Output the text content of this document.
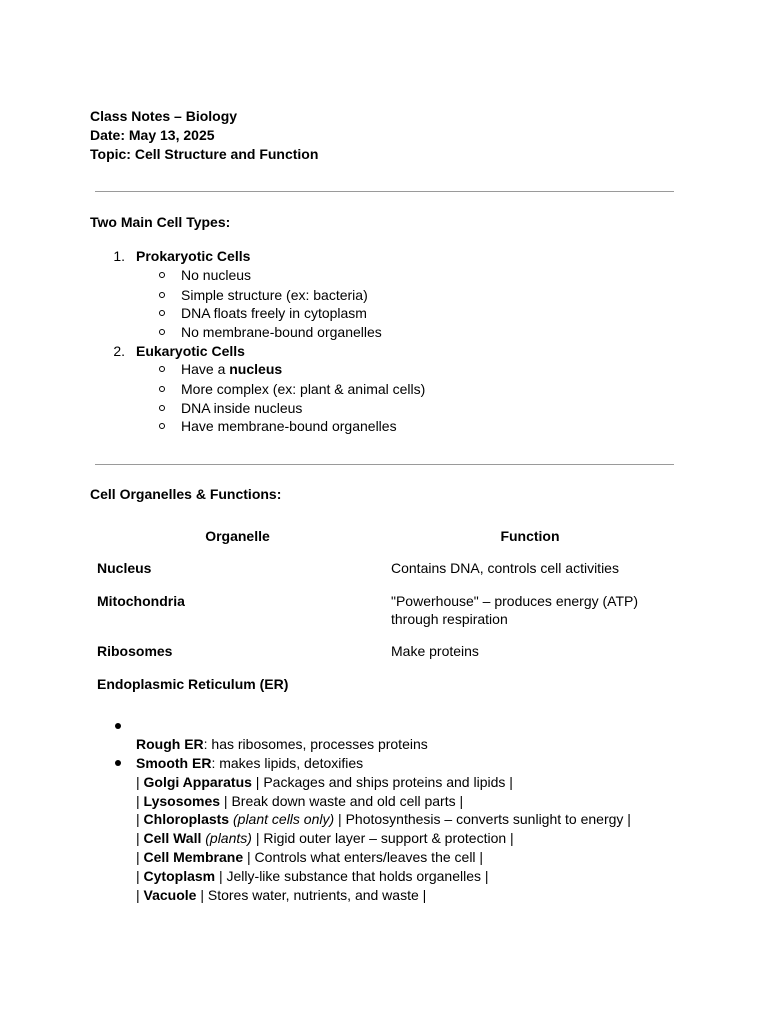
Class Notes – Biology
Date: May 13, 2025
Topic: Cell Structure and Function
Two Main Cell Types:
1. Prokaryotic Cells
No nucleus
Simple structure (ex: bacteria)
DNA floats freely in cytoplasm
No membrane-bound organelles
2. Eukaryotic Cells
Have a nucleus
More complex (ex: plant & animal cells)
DNA inside nucleus
Have membrane-bound organelles
Cell Organelles & Functions:
Organelle	Function
Nucleus	Contains DNA, controls cell activities
Mitochondria	"Powerhouse" – produces energy (ATP)
through respiration
Ribosomes	Make proteins
Endoplasmic Reticulum (ER)
Rough ER: has ribosomes, processes proteins
Smooth ER: makes lipids, detoxifies
| Golgi Apparatus | Packages and ships proteins and lipids |
| Lysosomes | Break down waste and old cell parts |
| Chloroplasts (plant cells only) | Photosynthesis – converts sunlight to energy |
| Cell Wall (plants) | Rigid outer layer – support & protection |
| Cell Membrane | Controls what enters/leaves the cell |
| Cytoplasm | Jelly-like substance that holds organelles |
| Vacuole | Stores water, nutrients, and waste |
